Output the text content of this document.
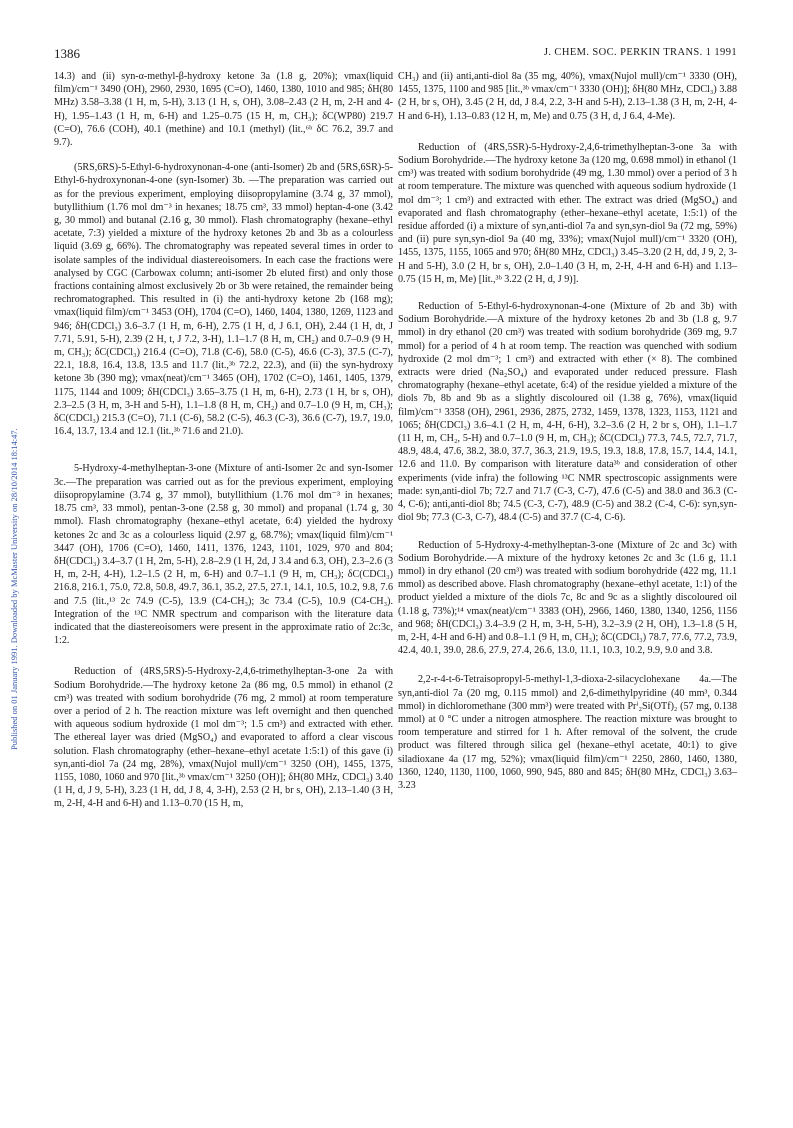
1386	J. CHEM. SOC. PERKIN TRANS. 1 1991
Published on 01 January 1991. Downloaded by McMaster University on 28/10/2014 18:14:47.

14.3) and (ii) syn-α-methyl-β-hydroxy ketone 3a (1.8 g, 20%); νmax(liquid film)/cm⁻¹ 3490 (OH), 2960, 2930, 1695 (C=O), 1460, 1380, 1010 and 985; δH(80 MHz) 3.58–3.38 (1 H, m, 5-H), 3.13 (1 H, s, OH), 3.08–2.43 (2 H, m, 2-H and 4-H), 1.95–1.43 (1 H, m, 6-H) and 1.25–0.75 (15 H, m, CH₃); δC(WP80) 219.7 (C=O), 76.6 (COH), 40.1 (methine) and 10.1 (methyl) (lit.,⁶ᵇ δC 76.2, 39.7 and 9.7).

(5RS,6RS)-5-Ethyl-6-hydroxynonan-4-one (anti-Isomer) 2b and (5RS,6SR)-5-Ethyl-6-hydroxynonan-4-one (syn-Isomer) 3b. —The preparation was carried out as for the previous experiment, employing diisopropylamine (3.74 g, 37 mmol), butyllithium (1.76 mol dm⁻³ in hexanes; 18.75 cm³, 33 mmol) heptan-4-one (3.42 g, 30 mmol) and butanal (2.16 g, 30 mmol). Flash chromatography (hexane–ethyl acetate, 7:3) yielded a mixture of the hydroxy ketones 2b and 3b as a colourless liquid (3.69 g, 66%). The chromatography was repeated several times in order to isolate samples of the individual diastereoisomers. In each case the fractions were analysed by CGC (Carbowax column; anti-isomer 2b eluted first) and only those fractions containing almost exclusively 2b or 3b were retained, the remainder being rechromatographed. This resulted in (i) the anti-hydroxy ketone 2b (168 mg); νmax(liquid film)/cm⁻¹ 3453 (OH), 1704 (C=O), 1460, 1404, 1380, 1269, 1123 and 946; δH(CDCl₃) 3.6–3.7 (1 H, m, 6-H), 2.75 (1 H, d, J 6.1, OH), 2.44 (1 H, dt, J 7.71, 5.91, 5-H), 2.39 (2 H, t, J 7.2, 3-H), 1.1–1.7 (8 H, m, CH₂) and 0.7–0.9 (9 H, m, CH₃); δC(CDCl₃) 216.4 (C=O), 71.8 (C-6), 58.0 (C-5), 46.6 (C-3), 37.5 (C-7), 22.1, 18.8, 16.4, 13.8, 13.5 and 11.7 (lit.,³ᵇ 72.2, 22.3), and (ii) the syn-hydroxy ketone 3b (390 mg); νmax(neat)/cm⁻¹ 3465 (OH), 1702 (C=O), 1461, 1405, 1379, 1175, 1144 and 1009; δH(CDCl₃) 3.65–3.75 (1 H, m, 6-H), 2.73 (1 H, br s, OH), 2.3–2.5 (3 H, m, 3-H and 5-H), 1.1–1.8 (8 H, m, CH₂) and 0.7–1.0 (9 H, m, CH₃); δC(CDCl₃) 215.3 (C=O), 71.1 (C-6), 58.2 (C-5), 46.3 (C-3), 36.6 (C-7), 19.7, 19.0, 16.4, 13.7, 13.4 and 12.1 (lit.,³ᵇ 71.6 and 21.0).

5-Hydroxy-4-methylheptan-3-one (Mixture of anti-Isomer 2c and syn-Isomer 3c.—The preparation was carried out as for the previous experiment, employing diisopropylamine (3.74 g, 37 mmol), butyllithium (1.76 mol dm⁻³ in hexanes; 18.75 cm³, 33 mmol), pentan-3-one (2.58 g, 30 mmol) and propanal (1.74 g, 30 mmol). Flash chromatography (hexane–ethyl acetate, 6:4) yielded the hydroxy ketones 2c and 3c as a colourless liquid (2.97 g, 68.7%); νmax(liquid film)/cm⁻¹ 3447 (OH), 1706 (C=O), 1460, 1411, 1376, 1243, 1101, 1029, 970 and 804; δH(CDCl₃) 3.4–3.7 (1 H, 2m, 5-H), 2.8–2.9 (1 H, 2d, J 3.4 and 6.3, OH), 2.3–2.6 (3 H, m, 2-H, 4-H), 1.2–1.5 (2 H, m, 6-H) and 0.7–1.1 (9 H, m, CH₃); δC(CDCl₃) 216.8, 216.1, 75.0, 72.8, 50.8, 49.7, 36.1, 35.2, 27.5, 27.1, 14.1, 10.5, 10.2, 9.8, 7.6 and 7.5 (lit.,¹³ 2c 74.9 (C-5), 13.9 (C4-CH₃); 3c 73.4 (C-5), 10.9 (C4-CH₃). Integration of the ¹³C NMR spectrum and comparison with the literature data indicated that the diastereoisomers were present in the approximate ratio of 2c:3c, 1:2.

Reduction of (4RS,5RS)-5-Hydroxy-2,4,6-trimethylheptan-3-one 2a with Sodium Borohydride.—The hydroxy ketone 2a (86 mg, 0.5 mmol) in ethanol (2 cm³) was treated with sodium borohydride (76 mg, 2 mmol) at room temperature over a period of 2 h. The reaction mixture was left overnight and then quenched with aqueous sodium hydroxide (1 mol dm⁻³; 1.5 cm³) and extracted with ether. The ethereal layer was dried (MgSO₄) and evaporated to afford a clear viscous solution. Flash chromatography (ether–hexane–ethyl acetate 1:5:1) of this gave (i) syn,anti-diol 7a (24 mg, 28%), νmax(Nujol mull)/cm⁻¹ 3250 (OH), 1455, 1375, 1155, 1080, 1060 and 970 [lit.,³ᵇ νmax/cm⁻¹ 3250 (OH)]; δH(80 MHz, CDCl₃) 3.40 (1 H, d, J 9, 5-H), 3.23 (1 H, dd, J 8, 4, 3-H), 2.53 (2 H, br s, OH), 2.13–1.40 (3 H, m, 2-H, 4-H and 6-H) and 1.13–0.70 (15 H, m,

CH₃) and (ii) anti,anti-diol 8a (35 mg, 40%), νmax(Nujol mull)/cm⁻¹ 3330 (OH), 1455, 1375, 1100 and 985 [lit.,³ᵇ νmax/cm⁻¹ 3330 (OH)]; δH(80 MHz, CDCl₃) 3.88 (2 H, br s, OH), 3.45 (2 H, dd, J 8.4, 2.2, 3-H and 5-H), 2.13–1.38 (3 H, m, 2-H, 4-H and 6-H), 1.13–0.83 (12 H, m, Me) and 0.75 (3 H, d, J 6.4, 4-Me).

Reduction of (4RS,5SR)-5-Hydroxy-2,4,6-trimethylheptan-3-one 3a with Sodium Borohydride.—The hydroxy ketone 3a (120 mg, 0.698 mmol) in ethanol (1 cm³) was treated with sodium borohydride (49 mg, 1.30 mmol) over a period of 3 h at room temperature. The mixture was quenched with aqueous sodium hydroxide (1 mol dm⁻³; 1 cm³) and extracted with ether. The extract was dried (MgSO₄) and evaporated and flash chromatography (ether–hexane–ethyl acetate, 1:5:1) of the residue afforded (i) a mixture of syn,anti-diol 7a and syn,syn-diol 9a (72 mg, 59%) and (ii) pure syn,syn-diol 9a (40 mg, 33%); νmax(Nujol mull)/cm⁻¹ 3320 (OH), 1455, 1375, 1155, 1065 and 970; δH(80 MHz, CDCl₃) 3.45–3.20 (2 H, dd, J 9, 2, 3-H and 5-H), 3.0 (2 H, br s, OH), 2.0–1.40 (3 H, m, 2-H, 4-H and 6-H) and 1.13–0.75 (15 H, m, Me) [lit.,³ᵇ 3.22 (2 H, d, J 9)].

Reduction of 5-Ethyl-6-hydroxynonan-4-one (Mixture of 2b and 3b) with Sodium Borohydride.—A mixture of the hydroxy ketones 2b and 3b (1.8 g, 9.7 mmol) in dry ethanol (20 cm³) was treated with sodium borohydride (369 mg, 9.7 mmol) for a period of 4 h at room temp. The reaction was quenched with sodium hydroxide (2 mol dm⁻³; 1 cm³) and extracted with ether (× 8). The combined extracts were dried (Na₂SO₄) and evaporated under reduced pressure. Flash chromatography (hexane–ethyl acetate, 6:4) of the residue yielded a mixture of the diols 7b, 8b and 9b as a slightly discoloured oil (1.38 g, 76%), νmax(liquid film)/cm⁻¹ 3358 (OH), 2961, 2936, 2875, 2732, 1459, 1378, 1323, 1153, 1121 and 1065; δH(CDCl₃) 3.6–4.1 (2 H, m, 4-H, 6-H), 3.2–3.6 (2 H, 2 br s, OH), 1.1–1.7 (11 H, m, CH₂, 5-H) and 0.7–1.0 (9 H, m, CH₃); δC(CDCl₃) 77.3, 74.5, 72.7, 71.7, 48.9, 48.4, 47.6, 38.2, 38.0, 37.7, 36.3, 21.9, 19.5, 19.3, 18.8, 17.8, 15.7, 14.4, 14.1, 12.6 and 11.0. By comparison with literature data³ᵇ and consideration of other experiments (vide infra) the following ¹³C NMR spectroscopic assignments were made: syn,anti-diol 7b; 72.7 and 71.7 (C-3, C-7), 47.6 (C-5) and 38.0 and 36.3 (C-4, C-6); anti,anti-diol 8b; 74.5 (C-3, C-7), 48.9 (C-5) and 38.2 (C-4, C-6): syn,syn-diol 9b; 77.3 (C-3, C-7), 48.4 (C-5) and 37.7 (C-4, C-6).

Reduction of 5-Hydroxy-4-methylheptan-3-one (Mixture of 2c and 3c) with Sodium Borohydride.—A mixture of the hydroxy ketones 2c and 3c (1.6 g, 11.1 mmol) in dry ethanol (20 cm³) was treated with sodium borohydride (422 mg, 11.1 mmol) as described above. Flash chromatography (hexane–ethyl acetate, 1:1) of the product yielded a mixture of the diols 7c, 8c and 9c as a slightly discoloured oil (1.18 g, 73%);¹⁴ νmax(neat)/cm⁻¹ 3383 (OH), 2966, 1460, 1380, 1340, 1256, 1156 and 968; δH(CDCl₃) 3.4–3.9 (2 H, m, 3-H, 5-H), 3.2–3.9 (2 H, OH), 1.3–1.8 (5 H, m, 2-H, 4-H and 6-H) and 0.8–1.1 (9 H, m, CH₃); δC(CDCl₃) 78.7, 77.6, 77.2, 73.9, 42.4, 40.1, 39.0, 28.6, 27.9, 27.4, 26.6, 13.0, 11.1, 10.3, 10.2, 9.9, 9.0 and 3.8.

2,2-r-4-t-6-Tetraisopropyl-5-methyl-1,3-dioxa-2-silacyclohexane 4a.—The syn,anti-diol 7a (20 mg, 0.115 mmol) and 2,6-dimethylpyridine (40 mm³, 0.344 mmol) in dichloromethane (300 mm³) were treated with Prⁱ₂Si(OTf)₂ (57 mg, 0.138 mmol) at 0 °C under a nitrogen atmosphere. The reaction mixture was brought to room temperature and stirred for 1 h. After removal of the solvent, the crude product was filtered through silica gel (hexane–ethyl acetate, 40:1) to give siladioxane 4a (17 mg, 52%); νmax(liquid film)/cm⁻¹ 2250, 2860, 1460, 1380, 1360, 1240, 1130, 1100, 1060, 990, 945, 880 and 845; δH(80 MHz, CDCl₃) 3.63–3.23
